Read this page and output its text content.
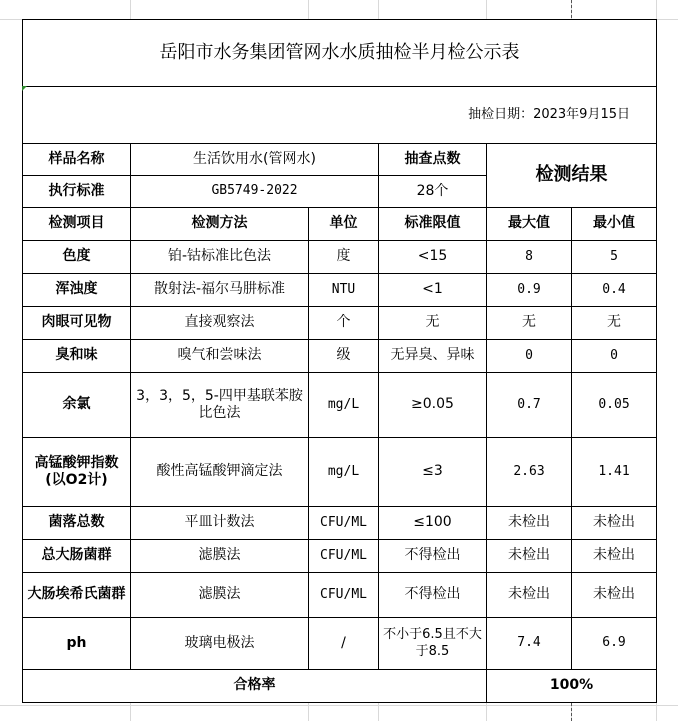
岳阳市水务集团管网水水质抽检半月检公示表					
抽检日期：2023年9月15日					
样品名称	生活饮用水(管网水)		抽查点数	检测结果	
执行标准	GB5749-2022		28个		
检测项目	检测方法	单位	标准限值	最大值	最小值
色度	铂-钴标准比色法	度	<15	8	5
浑浊度	散射法-福尔马肼标准	NTU	<1	0.9	0.4
肉眼可见物	直接观察法	个	无	无	无
臭和味	嗅气和尝味法	级	无异臭、异味	0	0
余氯	3，3，5，5-四甲基联苯胺比色法	mg/L	≥0.05	0.7	0.05
高锰酸钾指数(以O2计)	酸性高锰酸钾滴定法	mg/L	≤3	2.63	1.41
菌落总数	平皿计数法	CFU/ML	≤100	未检出	未检出
总大肠菌群	滤膜法	CFU/ML	不得检出	未检出	未检出
大肠埃希氏菌群	滤膜法	CFU/ML	不得检出	未检出	未检出
ph	玻璃电极法	/	不小于6.5且不大于8.5	7.4	6.9
合格率				100%	
